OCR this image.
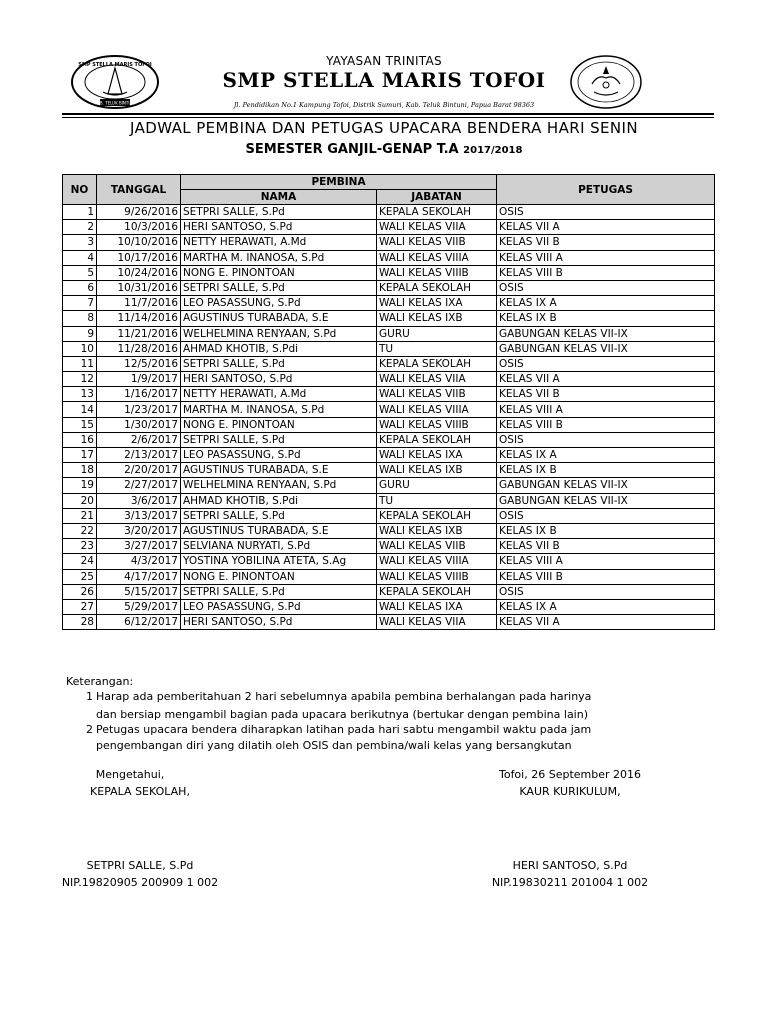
SMP STELLA MARIS TOFOI
KAB. TELUK BINTUNI
YAYASAN TRINITAS
SMP STELLA MARIS TOFOI
Jl. Pendidikan No.1 Kampung Tofoi, Distrik Sumuri, Kab. Teluk Bintuni, Papua Barat 98363
JADWAL PEMBINA DAN PETUGAS UPACARA BENDERA HARI SENIN
SEMESTER GANJIL-GENAP T.A 2017/2018
NO	TANGGAL	PEMBINA		PETUGAS
		NAMA	JABATAN	
1	9/26/2016	SETPRI SALLE, S.Pd	KEPALA SEKOLAH	OSIS
2	10/3/2016	HERI SANTOSO, S.Pd	WALI KELAS VIIA	KELAS VII A
3	10/10/2016	NETTY HERAWATI, A.Md	WALI KELAS VIIB	KELAS VII B
4	10/17/2016	MARTHA M. INANOSA, S.Pd	WALI KELAS VIIIA	KELAS VIII A
5	10/24/2016	NONG E. PINONTOAN	WALI KELAS VIIIB	KELAS VIII B
6	10/31/2016	SETPRI SALLE, S.Pd	KEPALA SEKOLAH	OSIS
7	11/7/2016	LEO PASASSUNG, S.Pd	WALI KELAS IXA	KELAS IX A
8	11/14/2016	AGUSTINUS TURABADA, S.E	WALI KELAS IXB	KELAS IX B
9	11/21/2016	WELHELMINA RENYAAN, S.Pd	GURU	GABUNGAN KELAS VII-IX
10	11/28/2016	AHMAD KHOTIB, S.Pdi	TU	GABUNGAN KELAS VII-IX
11	12/5/2016	SETPRI SALLE, S.Pd	KEPALA SEKOLAH	OSIS
12	1/9/2017	HERI SANTOSO, S.Pd	WALI KELAS VIIA	KELAS VII A
13	1/16/2017	NETTY HERAWATI, A.Md	WALI KELAS VIIB	KELAS VII B
14	1/23/2017	MARTHA M. INANOSA, S.Pd	WALI KELAS VIIIA	KELAS VIII A
15	1/30/2017	NONG E. PINONTOAN	WALI KELAS VIIIB	KELAS VIII B
16	2/6/2017	SETPRI SALLE, S.Pd	KEPALA SEKOLAH	OSIS
17	2/13/2017	LEO PASASSUNG, S.Pd	WALI KELAS IXA	KELAS IX A
18	2/20/2017	AGUSTINUS TURABADA, S.E	WALI KELAS IXB	KELAS IX B
19	2/27/2017	WELHELMINA RENYAAN, S.Pd	GURU	GABUNGAN KELAS VII-IX
20	3/6/2017	AHMAD KHOTIB, S.Pdi	TU	GABUNGAN KELAS VII-IX
21	3/13/2017	SETPRI SALLE, S.Pd	KEPALA SEKOLAH	OSIS
22	3/20/2017	AGUSTINUS TURABADA, S.E	WALI KELAS IXB	KELAS IX B
23	3/27/2017	SELVIANA NURYATI, S.Pd	WALI KELAS VIIB	KELAS VII B
24	4/3/2017	YOSTINA YOBILINA ATETA, S.Ag	WALI KELAS VIIIA	KELAS VIII A
25	4/17/2017	NONG E. PINONTOAN	WALI KELAS VIIIB	KELAS VIII B
26	5/15/2017	SETPRI SALLE, S.Pd	KEPALA SEKOLAH	OSIS
27	5/29/2017	LEO PASASSUNG, S.Pd	WALI KELAS IXA	KELAS IX A
28	6/12/2017	HERI SANTOSO, S.Pd	WALI KELAS VIIA	KELAS VII A
Keterangan:
1 Harap ada pemberitahuan 2 hari sebelumnya apabila pembina berhalangan pada harinya
dan bersiap mengambil bagian pada upacara berikutnya (bertukar dengan pembina lain)
2 Petugas upacara bendera diharapkan latihan pada hari sabtu mengambil waktu pada jam
pengembangan diri yang dilatih oleh OSIS dan pembina/wali kelas yang bersangkutan
Mengetahui,
KEPALA SEKOLAH,
SETPRI SALLE, S.Pd
NIP.19820905 200909 1 002
Tofoi, 26 September 2016
KAUR KURIKULUM,
HERI SANTOSO, S.Pd
NIP.19830211 201004 1 002
